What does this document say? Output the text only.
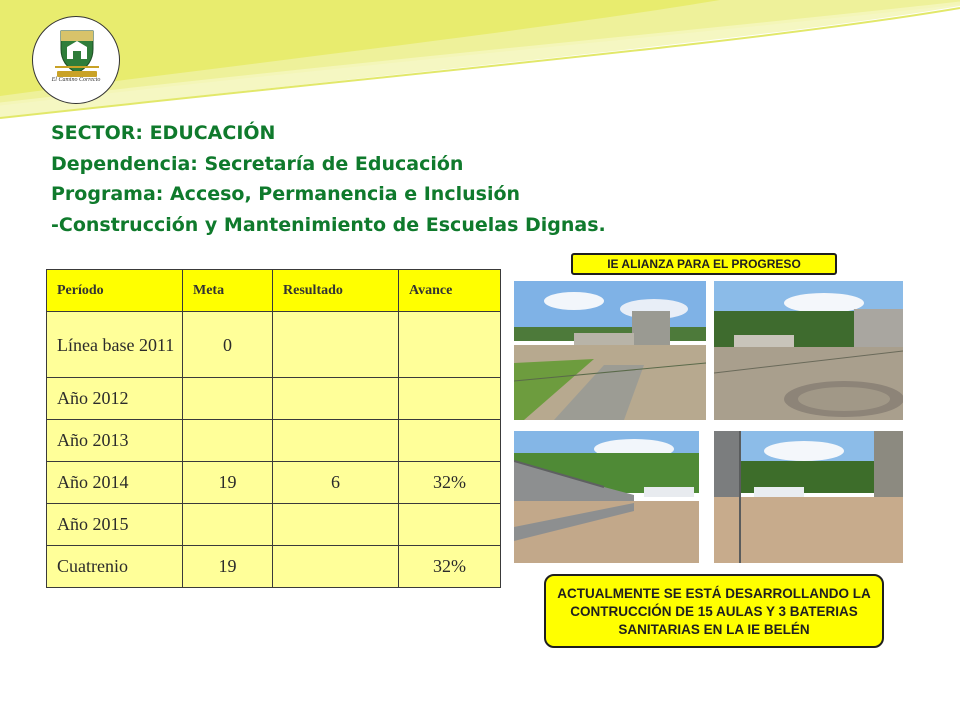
El Camino Correcto
SECTOR: EDUCACIÓN
Dependencia: Secretaría de Educación
Programa: Acceso, Permanencia e Inclusión
-Construcción y Mantenimiento de Escuelas Dignas.
Período	Meta	Resultado	Avance
Línea base 2011	0		
Año 2012			
Año 2013			
Año 2014	19	6	32%
Año 2015			
Cuatrenio	19		32%
IE ALIANZA PARA EL PROGRESO
ACTUALMENTE SE ESTÁ DESARROLLANDO LA CONTRUCCIÓN DE 15 AULAS Y 3 BATERIAS SANITARIAS EN LA IE BELÉN
